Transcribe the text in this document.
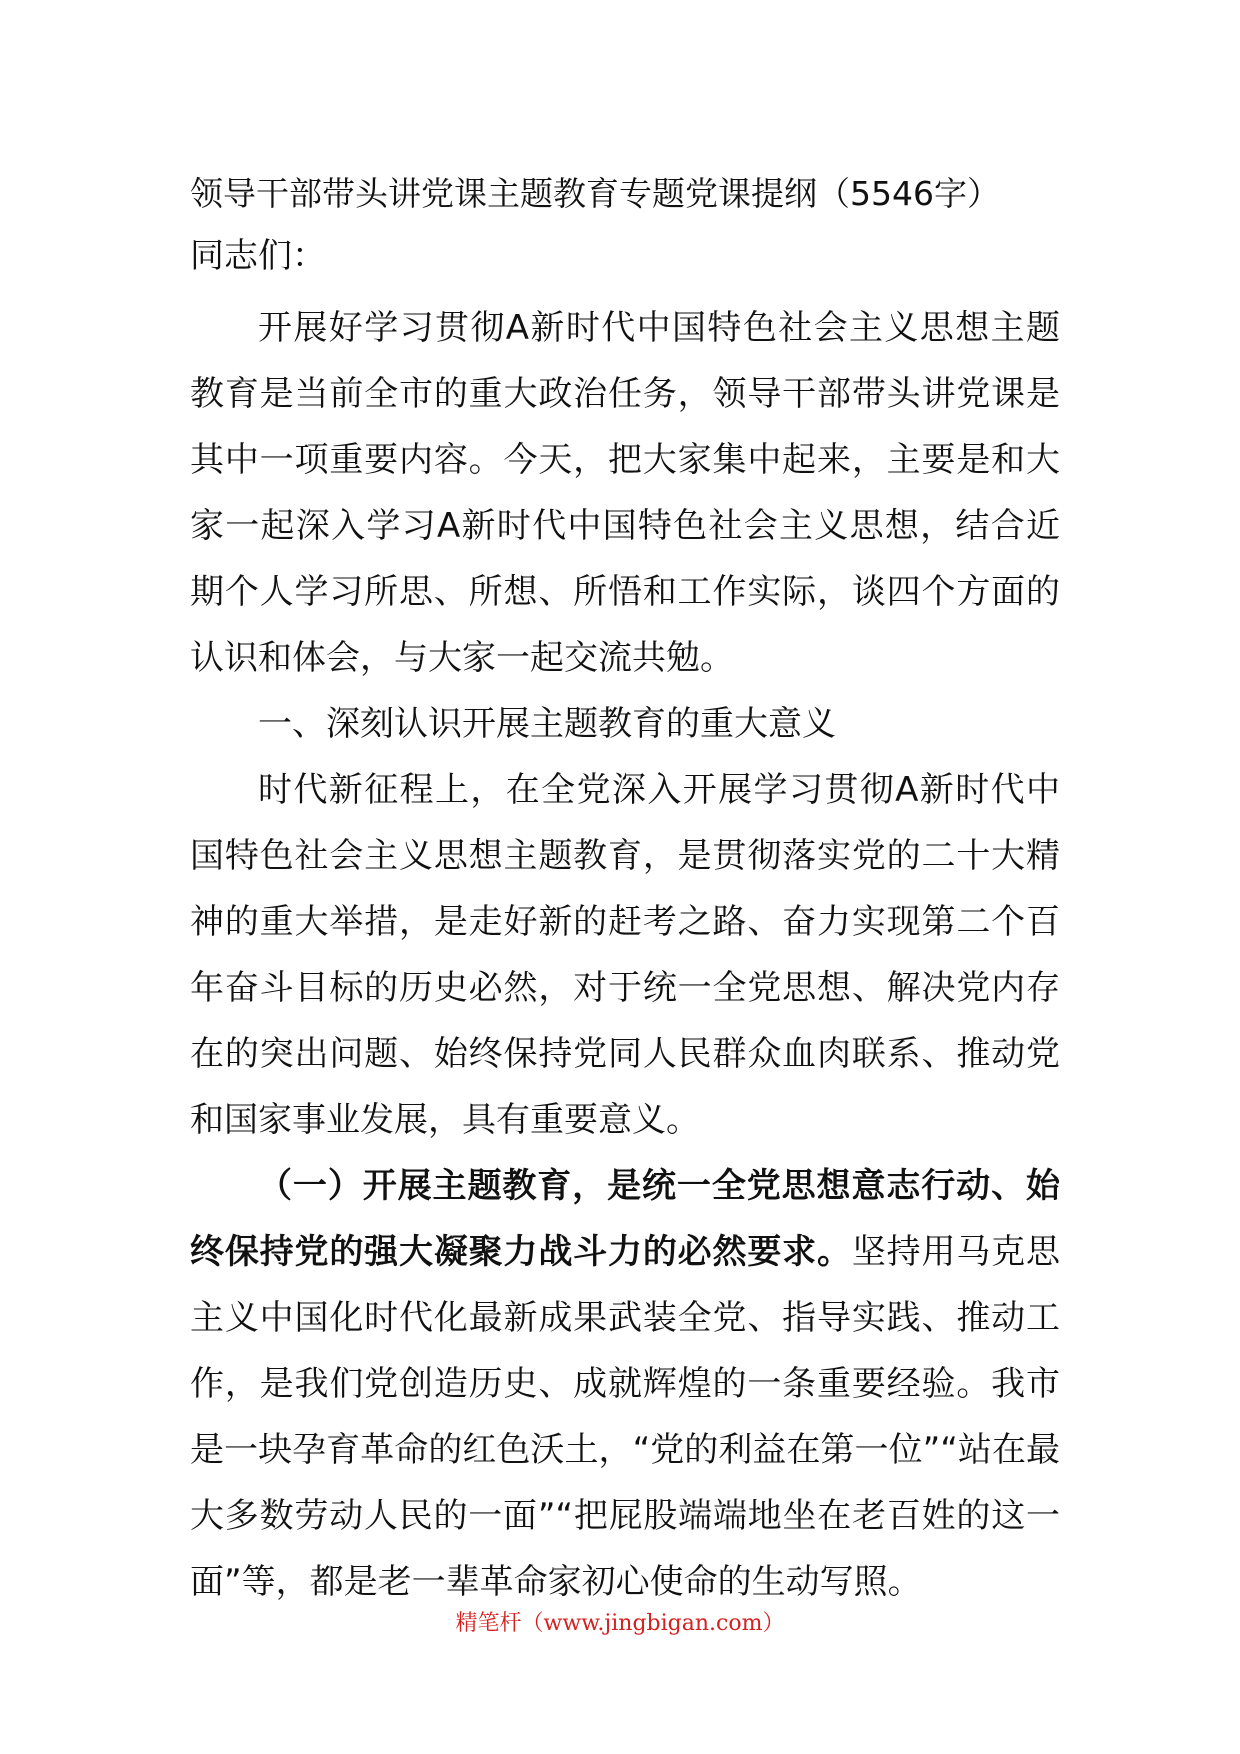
领导干部带头讲党课主题教育专题党课提纲（5546字）

同志们：

开展好学习贯彻A新时代中国特色社会主义思想主题教育是当前全市的重大政治任务，领导干部带头讲党课是其中一项重要内容。今天，把大家集中起来，主要是和大家一起深入学习A新时代中国特色社会主义思想，结合近期个人学习所思、所想、所悟和工作实际，谈四个方面的认识和体会，与大家一起交流共勉。

一、深刻认识开展主题教育的重大意义

时代新征程上，在全党深入开展学习贯彻A新时代中国特色社会主义思想主题教育，是贯彻落实党的二十大精神的重大举措，是走好新的赶考之路、奋力实现第二个百年奋斗目标的历史必然，对于统一全党思想、解决党内存在的突出问题、始终保持党同人民群众血肉联系、推动党和国家事业发展，具有重要意义。

（一）开展主题教育，是统一全党思想意志行动、始终保持党的强大凝聚力战斗力的必然要求。坚持用马克思主义中国化时代化最新成果武装全党、指导实践、推动工作，是我们党创造历史、成就辉煌的一条重要经验。我市是一块孕育革命的红色沃土，“党的利益在第一位”“站在最大多数劳动人民的一面”“把屁股端端地坐在老百姓的这一面”等，都是老一辈革命家初心使命的生动写照。

精笔杆（www.jingbigan.com）
